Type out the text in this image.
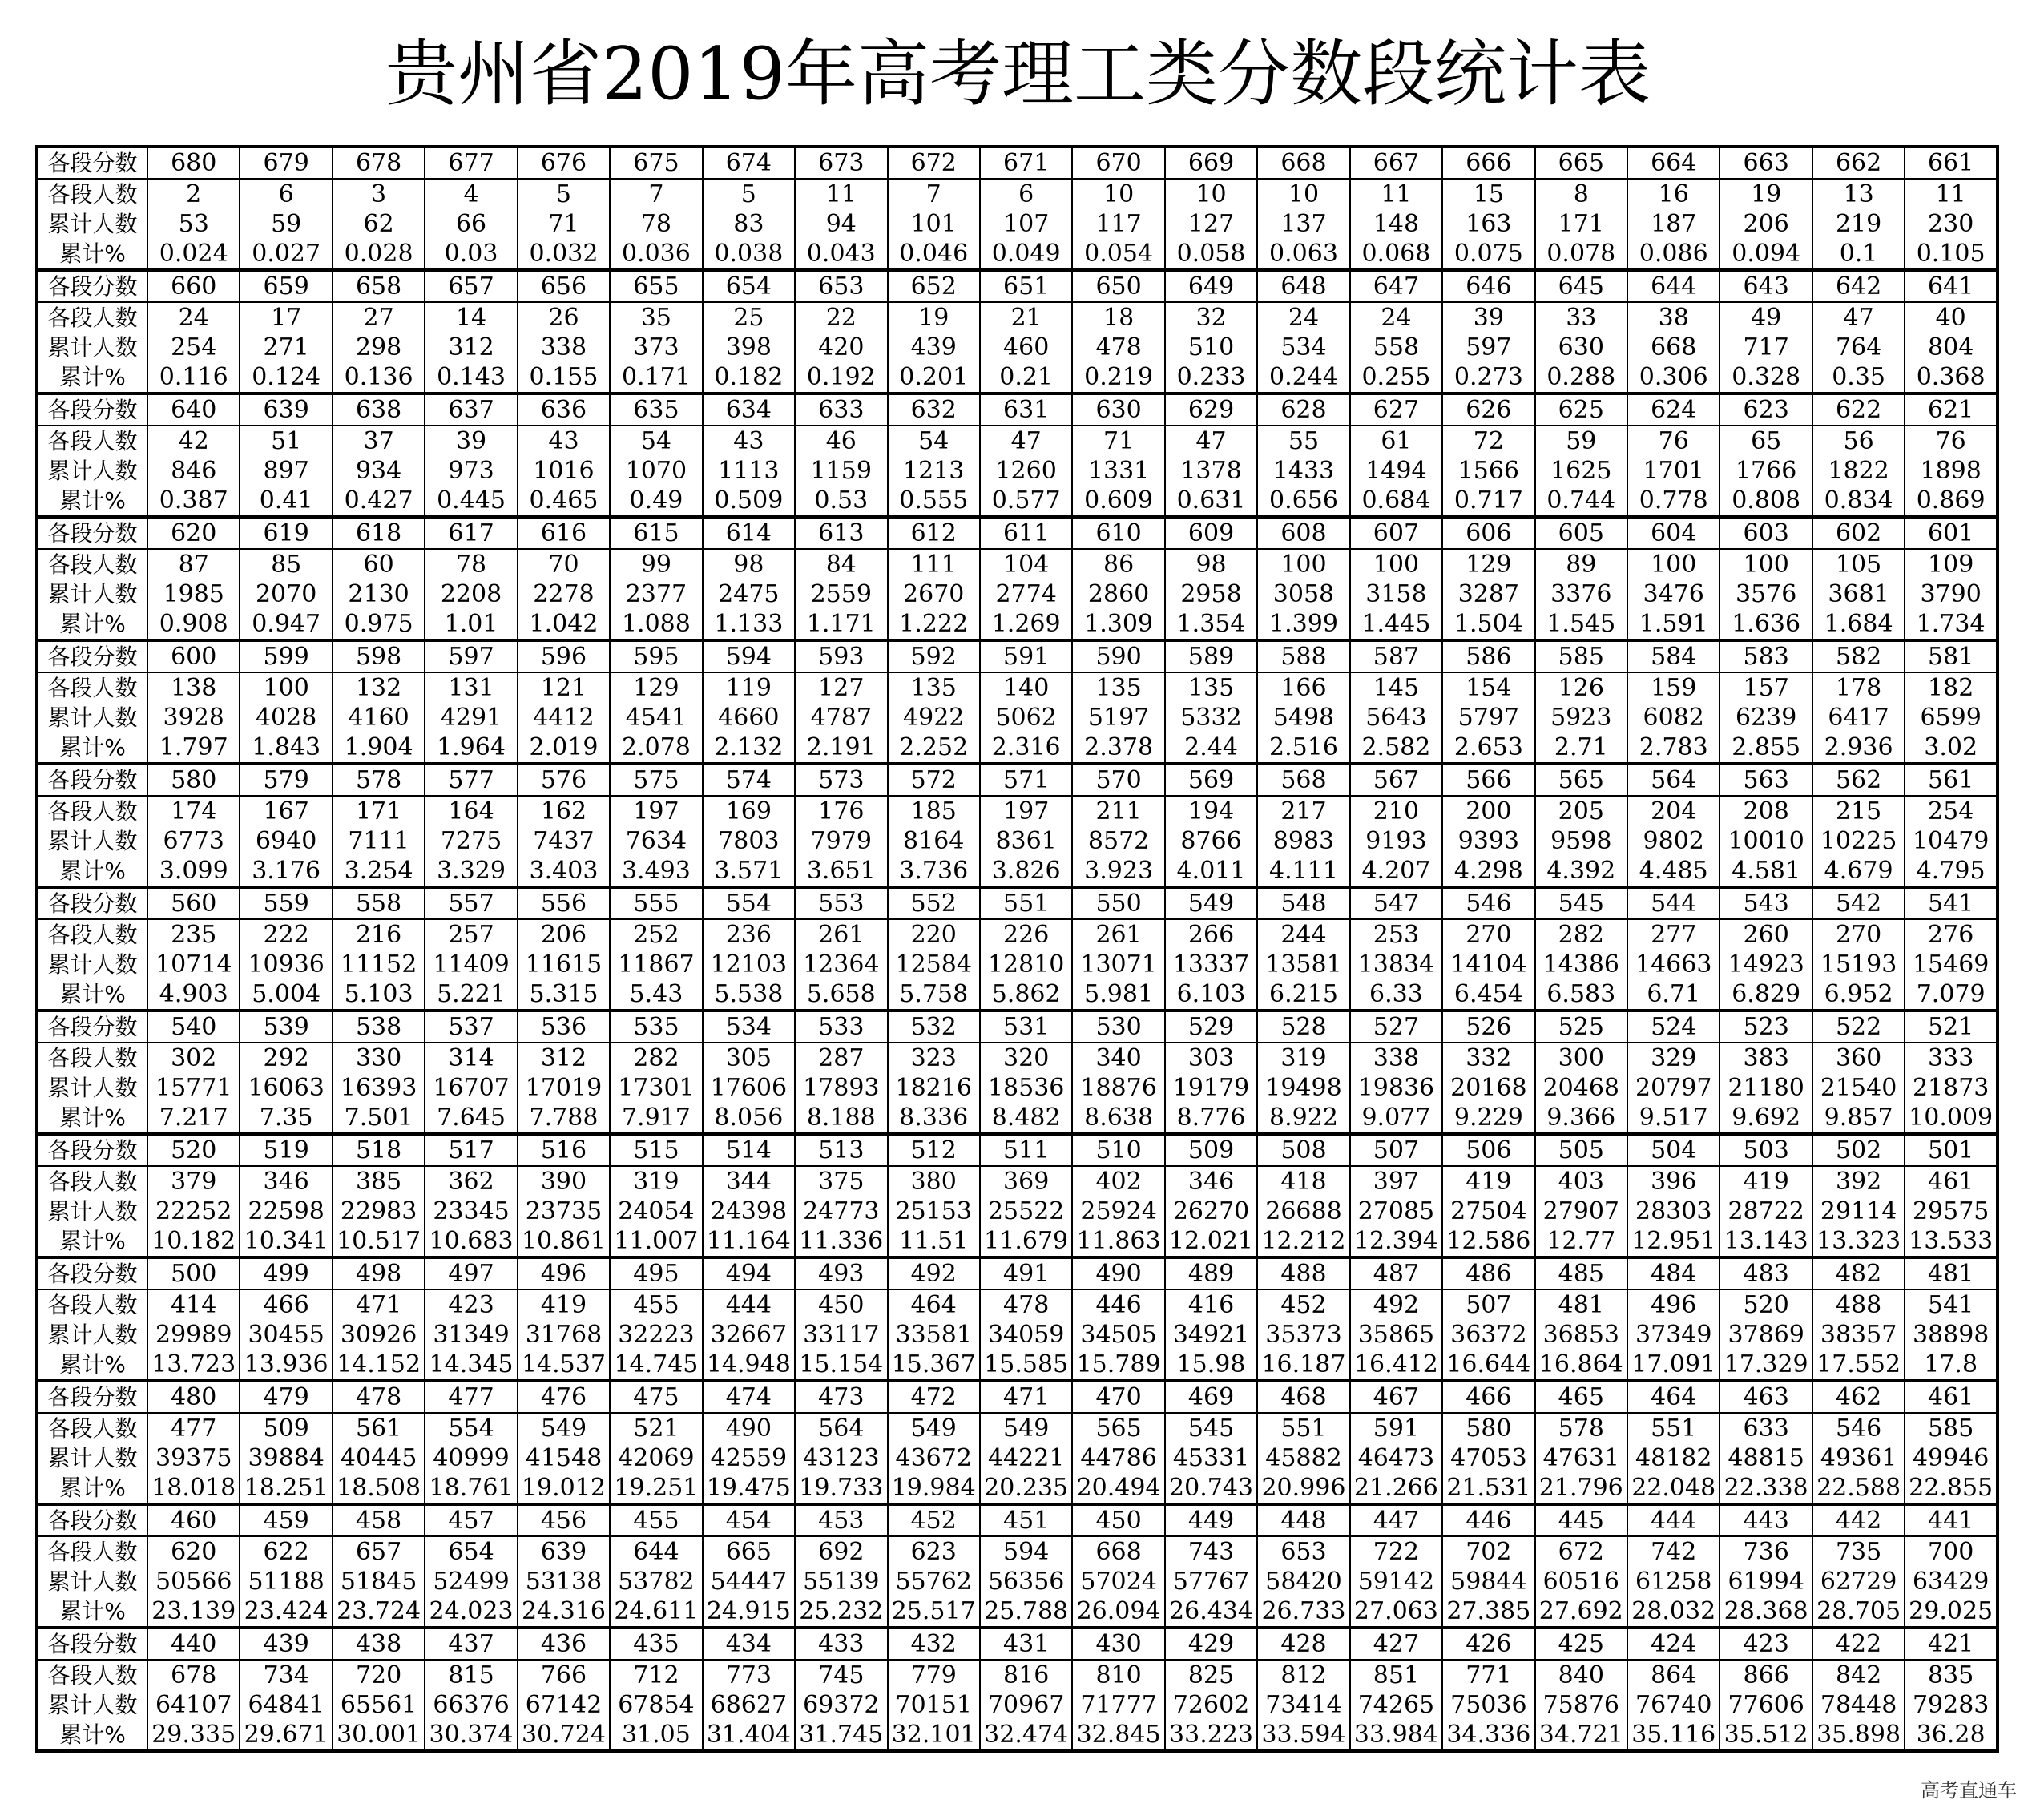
贵州省2019年高考理工类分数段统计表
各段分数	680	679	678	677	676	675	674	673	672	671	670	669	668	667	666	665	664	663	662	661
各段人数	2	6	3	4	5	7	5	11	7	6	10	10	10	11	15	8	16	19	13	11
累计人数	53	59	62	66	71	78	83	94	101	107	117	127	137	148	163	171	187	206	219	230
累计%	0.024	0.027	0.028	0.03	0.032	0.036	0.038	0.043	0.046	0.049	0.054	0.058	0.063	0.068	0.075	0.078	0.086	0.094	0.1	0.105
各段分数	660	659	658	657	656	655	654	653	652	651	650	649	648	647	646	645	644	643	642	641
各段人数	24	17	27	14	26	35	25	22	19	21	18	32	24	24	39	33	38	49	47	40
累计人数	254	271	298	312	338	373	398	420	439	460	478	510	534	558	597	630	668	717	764	804
累计%	0.116	0.124	0.136	0.143	0.155	0.171	0.182	0.192	0.201	0.21	0.219	0.233	0.244	0.255	0.273	0.288	0.306	0.328	0.35	0.368
各段分数	640	639	638	637	636	635	634	633	632	631	630	629	628	627	626	625	624	623	622	621
各段人数	42	51	37	39	43	54	43	46	54	47	71	47	55	61	72	59	76	65	56	76
累计人数	846	897	934	973	1016	1070	1113	1159	1213	1260	1331	1378	1433	1494	1566	1625	1701	1766	1822	1898
累计%	0.387	0.41	0.427	0.445	0.465	0.49	0.509	0.53	0.555	0.577	0.609	0.631	0.656	0.684	0.717	0.744	0.778	0.808	0.834	0.869
各段分数	620	619	618	617	616	615	614	613	612	611	610	609	608	607	606	605	604	603	602	601
各段人数	87	85	60	78	70	99	98	84	111	104	86	98	100	100	129	89	100	100	105	109
累计人数	1985	2070	2130	2208	2278	2377	2475	2559	2670	2774	2860	2958	3058	3158	3287	3376	3476	3576	3681	3790
累计%	0.908	0.947	0.975	1.01	1.042	1.088	1.133	1.171	1.222	1.269	1.309	1.354	1.399	1.445	1.504	1.545	1.591	1.636	1.684	1.734
各段分数	600	599	598	597	596	595	594	593	592	591	590	589	588	587	586	585	584	583	582	581
各段人数	138	100	132	131	121	129	119	127	135	140	135	135	166	145	154	126	159	157	178	182
累计人数	3928	4028	4160	4291	4412	4541	4660	4787	4922	5062	5197	5332	5498	5643	5797	5923	6082	6239	6417	6599
累计%	1.797	1.843	1.904	1.964	2.019	2.078	2.132	2.191	2.252	2.316	2.378	2.44	2.516	2.582	2.653	2.71	2.783	2.855	2.936	3.02
各段分数	580	579	578	577	576	575	574	573	572	571	570	569	568	567	566	565	564	563	562	561
各段人数	174	167	171	164	162	197	169	176	185	197	211	194	217	210	200	205	204	208	215	254
累计人数	6773	6940	7111	7275	7437	7634	7803	7979	8164	8361	8572	8766	8983	9193	9393	9598	9802	10010	10225	10479
累计%	3.099	3.176	3.254	3.329	3.403	3.493	3.571	3.651	3.736	3.826	3.923	4.011	4.111	4.207	4.298	4.392	4.485	4.581	4.679	4.795
各段分数	560	559	558	557	556	555	554	553	552	551	550	549	548	547	546	545	544	543	542	541
各段人数	235	222	216	257	206	252	236	261	220	226	261	266	244	253	270	282	277	260	270	276
累计人数	10714	10936	11152	11409	11615	11867	12103	12364	12584	12810	13071	13337	13581	13834	14104	14386	14663	14923	15193	15469
累计%	4.903	5.004	5.103	5.221	5.315	5.43	5.538	5.658	5.758	5.862	5.981	6.103	6.215	6.33	6.454	6.583	6.71	6.829	6.952	7.079
各段分数	540	539	538	537	536	535	534	533	532	531	530	529	528	527	526	525	524	523	522	521
各段人数	302	292	330	314	312	282	305	287	323	320	340	303	319	338	332	300	329	383	360	333
累计人数	15771	16063	16393	16707	17019	17301	17606	17893	18216	18536	18876	19179	19498	19836	20168	20468	20797	21180	21540	21873
累计%	7.217	7.35	7.501	7.645	7.788	7.917	8.056	8.188	8.336	8.482	8.638	8.776	8.922	9.077	9.229	9.366	9.517	9.692	9.857	10.009
各段分数	520	519	518	517	516	515	514	513	512	511	510	509	508	507	506	505	504	503	502	501
各段人数	379	346	385	362	390	319	344	375	380	369	402	346	418	397	419	403	396	419	392	461
累计人数	22252	22598	22983	23345	23735	24054	24398	24773	25153	25522	25924	26270	26688	27085	27504	27907	28303	28722	29114	29575
累计%	10.182	10.341	10.517	10.683	10.861	11.007	11.164	11.336	11.51	11.679	11.863	12.021	12.212	12.394	12.586	12.77	12.951	13.143	13.323	13.533
各段分数	500	499	498	497	496	495	494	493	492	491	490	489	488	487	486	485	484	483	482	481
各段人数	414	466	471	423	419	455	444	450	464	478	446	416	452	492	507	481	496	520	488	541
累计人数	29989	30455	30926	31349	31768	32223	32667	33117	33581	34059	34505	34921	35373	35865	36372	36853	37349	37869	38357	38898
累计%	13.723	13.936	14.152	14.345	14.537	14.745	14.948	15.154	15.367	15.585	15.789	15.98	16.187	16.412	16.644	16.864	17.091	17.329	17.552	17.8
各段分数	480	479	478	477	476	475	474	473	472	471	470	469	468	467	466	465	464	463	462	461
各段人数	477	509	561	554	549	521	490	564	549	549	565	545	551	591	580	578	551	633	546	585
累计人数	39375	39884	40445	40999	41548	42069	42559	43123	43672	44221	44786	45331	45882	46473	47053	47631	48182	48815	49361	49946
累计%	18.018	18.251	18.508	18.761	19.012	19.251	19.475	19.733	19.984	20.235	20.494	20.743	20.996	21.266	21.531	21.796	22.048	22.338	22.588	22.855
各段分数	460	459	458	457	456	455	454	453	452	451	450	449	448	447	446	445	444	443	442	441
各段人数	620	622	657	654	639	644	665	692	623	594	668	743	653	722	702	672	742	736	735	700
累计人数	50566	51188	51845	52499	53138	53782	54447	55139	55762	56356	57024	57767	58420	59142	59844	60516	61258	61994	62729	63429
累计%	23.139	23.424	23.724	24.023	24.316	24.611	24.915	25.232	25.517	25.788	26.094	26.434	26.733	27.063	27.385	27.692	28.032	28.368	28.705	29.025
各段分数	440	439	438	437	436	435	434	433	432	431	430	429	428	427	426	425	424	423	422	421
各段人数	678	734	720	815	766	712	773	745	779	816	810	825	812	851	771	840	864	866	842	835
累计人数	64107	64841	65561	66376	67142	67854	68627	69372	70151	70967	71777	72602	73414	74265	75036	75876	76740	77606	78448	79283
累计%	29.335	29.671	30.001	30.374	30.724	31.05	31.404	31.745	32.101	32.474	32.845	33.223	33.594	33.984	34.336	34.721	35.116	35.512	35.898	36.28
高考直通车
